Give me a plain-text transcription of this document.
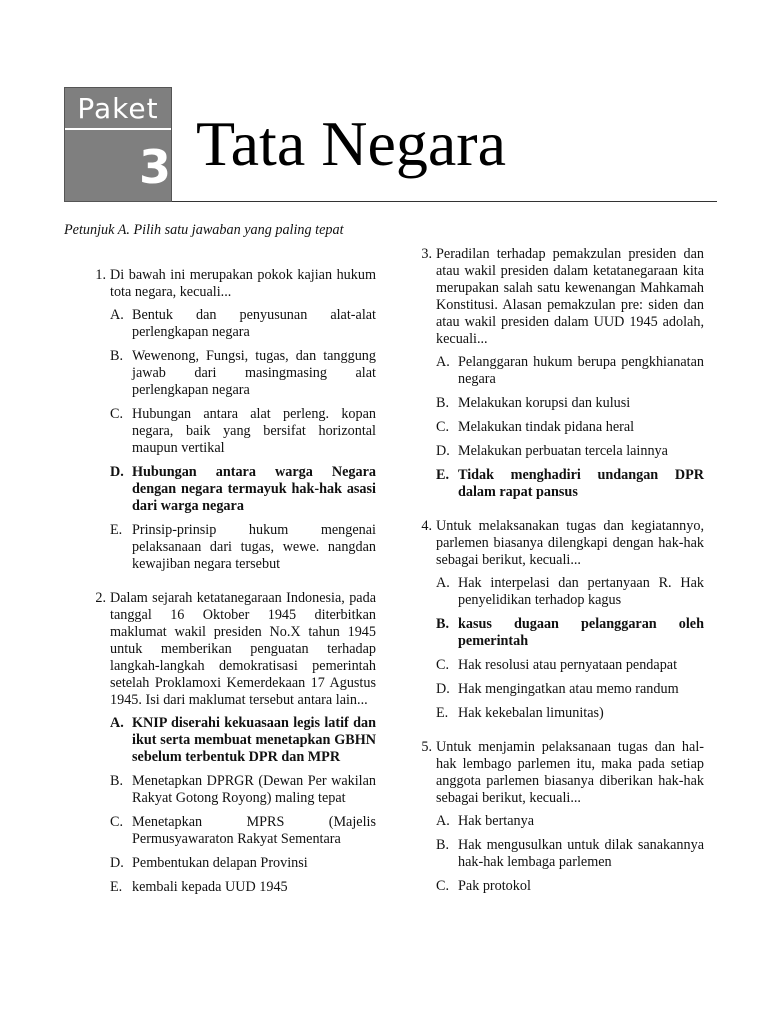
Paket
3 Tata Negara
Petunjuk A. Pilih satu jawaban yang paling tepat
1. Di bawah ini merupakan pokok kajian hukum tota negara, kecuali...
A. Bentuk dan penyusunan alat-alat perlengkapan negara
B. Wewenong, Fungsi, tugas, dan tanggung jawab dari masingmasing alat perlengkapan negara
C. Hubungan antara alat perleng. kopan negara, baik yang bersifat horizontal maupun vertikal
D. Hubungan antara warga Negara dengan negara termayuk hak-hak asasi dari warga negara
E. Prinsip-prinsip hukum mengenai pelaksanaan dari tugas, wewe. nangdan kewajiban negara tersebut
2. Dalam sejarah ketatanegaraan Indonesia, pada tanggal 16 Oktober 1945 diterbitkan maklumat wakil presiden No.X tahun 1945 untuk memberikan penguatan terhadap langkah-langkah demokratisasi pemerintah setelah Proklamoxi Kemerdekaan 17 Agustus 1945. Isi dari maklumat tersebut antara lain...
A. KNIP diserahi kekuasaan legis latif dan ikut serta membuat menetapkan GBHN sebelum terbentuk DPR dan MPR
B. Menetapkan DPRGR (Dewan Per wakilan Rakyat Gotong Royong) maling tepat
C. Menetapkan MPRS (Majelis Permusyawaraton Rakyat Sementara
D. Pembentukan delapan Provinsi
E. kembali kepada UUD 1945
3. Peradilan terhadap pemakzulan presiden dan atau wakil presiden dalam ketatanegaraan kita merupakan salah satu kewenangan Mahkamah Konstitusi. Alasan pemakzulan pre: siden dan atau wakil presiden dalam UUD 1945 adolah, kecuali...
A. Pelanggaran hukum berupa pengkhianatan negara
B. Melakukan korupsi dan kulusi
C. Melakukan tindak pidana heral
D. Melakukan perbuatan tercela lainnya
E. Tidak menghadiri undangan DPR dalam rapat pansus
4. Untuk melaksanakan tugas dan kegiatannyo, parlemen biasanya dilengkapi dengan hak-hak sebagai berikut, kecuali...
A. Hak interpelasi dan pertanyaan R. Hak penyelidikan terhadop kagus
B. kasus dugaan pelanggaran oleh pemerintah
C. Hak resolusi atau pernyataan pendapat
D. Hak mengingatkan atau memo randum
E. Hak kekebalan limunitas)
5. Untuk menjamin pelaksanaan tugas dan hal-hak lembago parlemen itu, maka pada setiap anggota parlemen biasanya diberikan hak-hak sebagai berikut, kecuali...
A. Hak bertanya
B. Hak mengusulkan untuk dilak sanakannya hak-hak lembaga parlemen
C. Pak protokol
